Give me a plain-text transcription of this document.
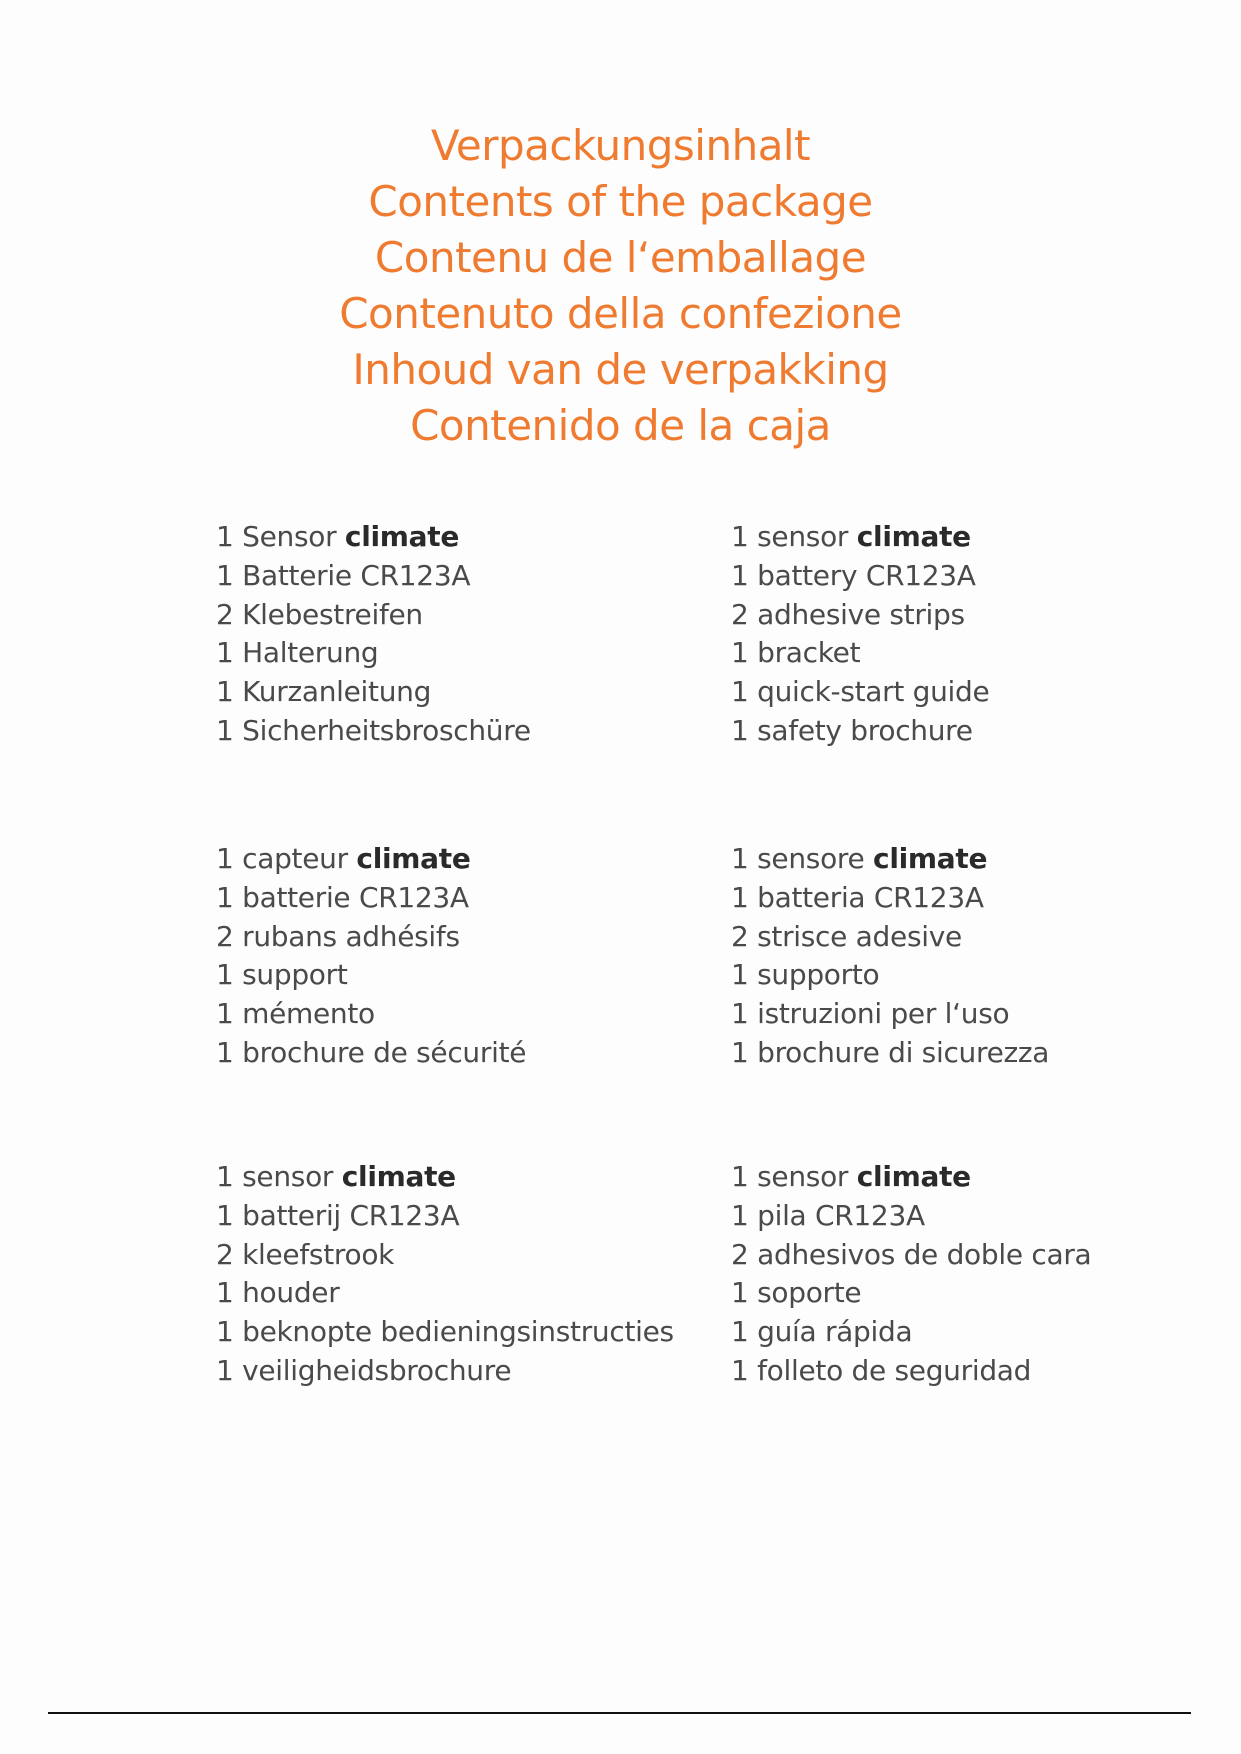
Verpackungsinhalt
Contents of the package
Contenu de l‘emballage
Contenuto della confezione
Inhoud van de verpakking
Contenido de la caja
1 Sensor climate
1 Batterie CR123A
2 Klebestreifen
1 Halterung
1 Kurzanleitung
1 Sicherheitsbroschüre
1 sensor climate
1 battery CR123A
2 adhesive strips
1 bracket
1 quick-start guide
1 safety brochure
1 capteur climate
1 batterie CR123A
2 rubans adhésifs
1 support
1 mémento
1 brochure de sécurité
1 sensore climate
1 batteria CR123A
2 strisce adesive
1 supporto
1 istruzioni per l‘uso
1 brochure di sicurezza
1 sensor climate
1 batterij CR123A
2 kleefstrook
1 houder
1 beknopte bedieningsinstructies
1 veiligheidsbrochure
1 sensor climate
1 pila CR123A
2 adhesivos de doble cara
1 soporte
1 guía rápida
1 folleto de seguridad
